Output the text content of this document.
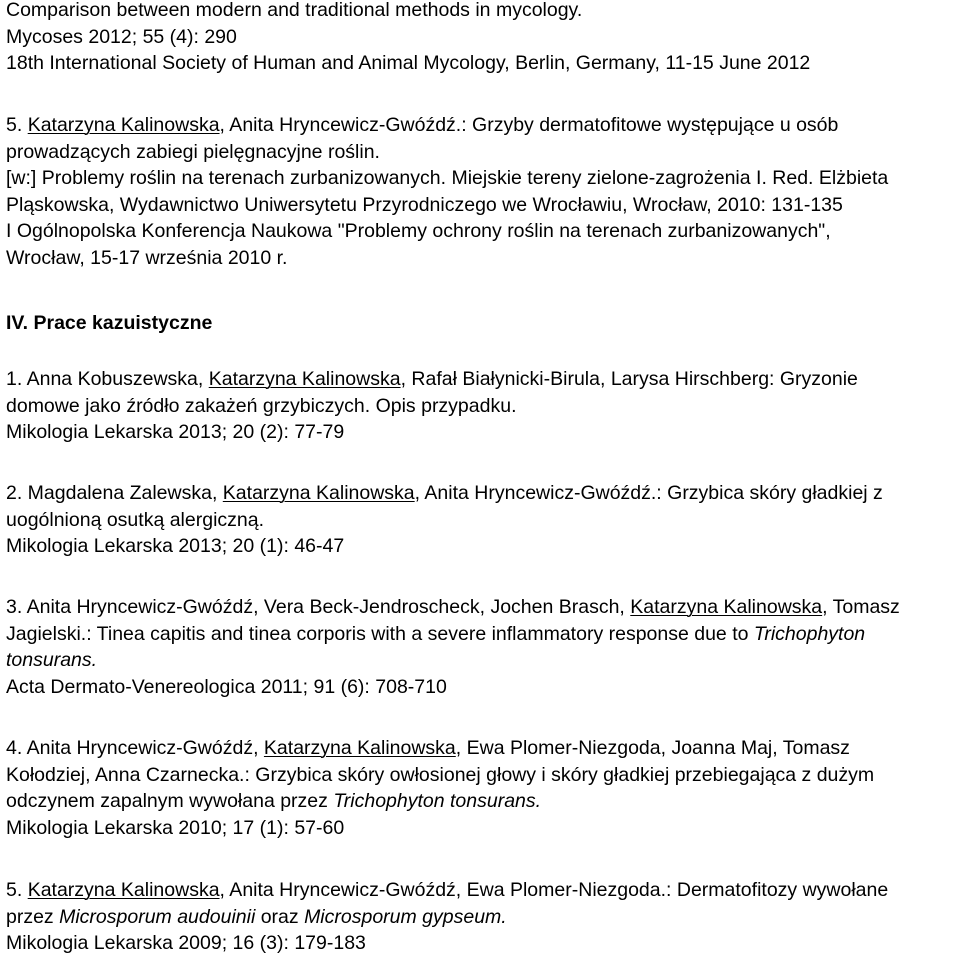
Comparison between modern and traditional methods in mycology.
Mycoses 2012; 55 (4): 290
18th International Society of Human and Animal Mycology, Berlin, Germany, 11-15 June 2012
5. Katarzyna Kalinowska, Anita Hryncewicz-Gwóźdź.: Grzyby dermatofitowe występujące u osób
prowadzących zabiegi pielęgnacyjne roślin.
[w:] Problemy roślin na terenach zurbanizowanych. Miejskie tereny zielone-zagrożenia I. Red. Elżbieta
Pląskowska, Wydawnictwo Uniwersytetu Przyrodniczego we Wrocławiu, Wrocław, 2010: 131-135
I Ogólnopolska Konferencja Naukowa "Problemy ochrony roślin na terenach zurbanizowanych",
Wrocław, 15-17 września 2010 r.
IV. Prace kazuistyczne
1. Anna Kobuszewska, Katarzyna Kalinowska, Rafał Białynicki-Birula, Larysa Hirschberg: Gryzonie
domowe jako źródło zakażeń grzybiczych. Opis przypadku.
Mikologia Lekarska 2013; 20 (2): 77-79
2. Magdalena Zalewska, Katarzyna Kalinowska, Anita Hryncewicz-Gwóźdź.: Grzybica skóry gładkiej z
uogólnioną osutką alergiczną.
Mikologia Lekarska 2013; 20 (1): 46-47
3. Anita Hryncewicz-Gwóźdź, Vera Beck-Jendroscheck, Jochen Brasch, Katarzyna Kalinowska, Tomasz
Jagielski.: Tinea capitis and tinea corporis with a severe inflammatory response due to Trichophyton
tonsurans.
Acta Dermato-Venereologica 2011; 91 (6): 708-710
4. Anita Hryncewicz-Gwóźdź, Katarzyna Kalinowska, Ewa Plomer-Niezgoda, Joanna Maj, Tomasz
Kołodziej, Anna Czarnecka.: Grzybica skóry owłosionej głowy i skóry gładkiej przebiegająca z dużym
odczynem zapalnym wywołana przez Trichophyton tonsurans.
Mikologia Lekarska 2010; 17 (1): 57-60
5. Katarzyna Kalinowska, Anita Hryncewicz-Gwóźdź, Ewa Plomer-Niezgoda.: Dermatofitozy wywołane
przez Microsporum audouinii oraz Microsporum gypseum.
Mikologia Lekarska 2009; 16 (3): 179-183
